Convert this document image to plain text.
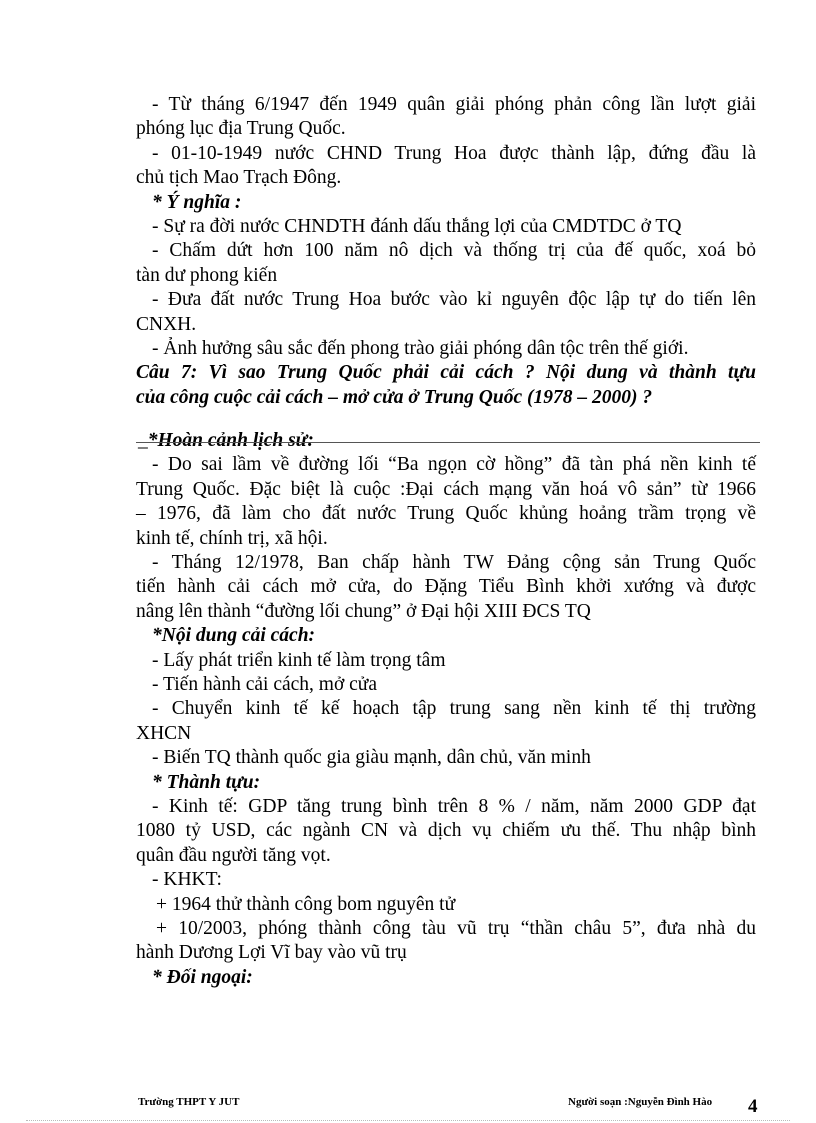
- Từ tháng 6/1947 đến 1949 quân giải phóng phản công lần lượt giải
phóng lục địa Trung Quốc.
- 01-10-1949 nước CHND Trung Hoa được thành lập, đứng đầu là
chủ tịch Mao Trạch Đông.
* Ý nghĩa :
- Sự ra đời nước CHNDTH đánh dấu thắng lợi của CMDTDC ở TQ
- Chấm dứt hơn 100 năm nô dịch và thống trị của đế quốc, xoá bỏ
tàn dư phong kiến
- Đưa đất nước Trung Hoa bước vào kỉ nguyên độc lập tự do tiến lên
CNXH.
- Ảnh hưởng sâu sắc đến phong trào giải phóng dân tộc trên thế giới.
Câu 7: Vì sao Trung Quốc phải cải cách ? Nội dung và thành tựu
của công cuộc cải cách – mở cửa ở Trung Quốc (1978 – 2000) ?
_*Hoàn cảnh lịch sử:
- Do sai lầm về đường lối “Ba ngọn cờ hồng” đã tàn phá nền kinh tế
Trung Quốc. Đặc biệt là cuộc :Đại cách mạng văn hoá vô sản” từ 1966
– 1976, đã làm cho đất nước Trung Quốc khủng hoảng trầm trọng về
kinh tế, chính trị, xã hội.
- Tháng 12/1978, Ban chấp hành TW Đảng cộng sản Trung Quốc
tiến hành cải cách mở cửa, do Đặng Tiểu Bình khởi xướng và được
nâng lên thành “đường lối chung” ở Đại hội XIII ĐCS TQ
*Nội dung cải cách:
- Lấy phát triển kinh tế làm trọng tâm
- Tiến hành cải cách, mở cửa
- Chuyển kinh tế kế hoạch tập trung sang nền kinh tế thị trường
XHCN
- Biến TQ thành quốc gia giàu mạnh, dân chủ, văn minh
* Thành tựu:
- Kinh tế: GDP tăng trung bình trên 8 % / năm, năm 2000 GDP đạt
1080 tỷ USD, các ngành CN và dịch vụ chiếm ưu thế. Thu nhập bình
quân đầu người tăng vọt.
- KHKT:
+ 1964 thử thành công bom nguyên tử
+ 10/2003, phóng thành công tàu vũ trụ “thần châu 5”, đưa nhà du
hành Dương Lợi Vĩ bay vào vũ trụ
* Đối ngoại:
Trường THPT Y JUT	Người soạn :Nguyễn Đình Hào 4
